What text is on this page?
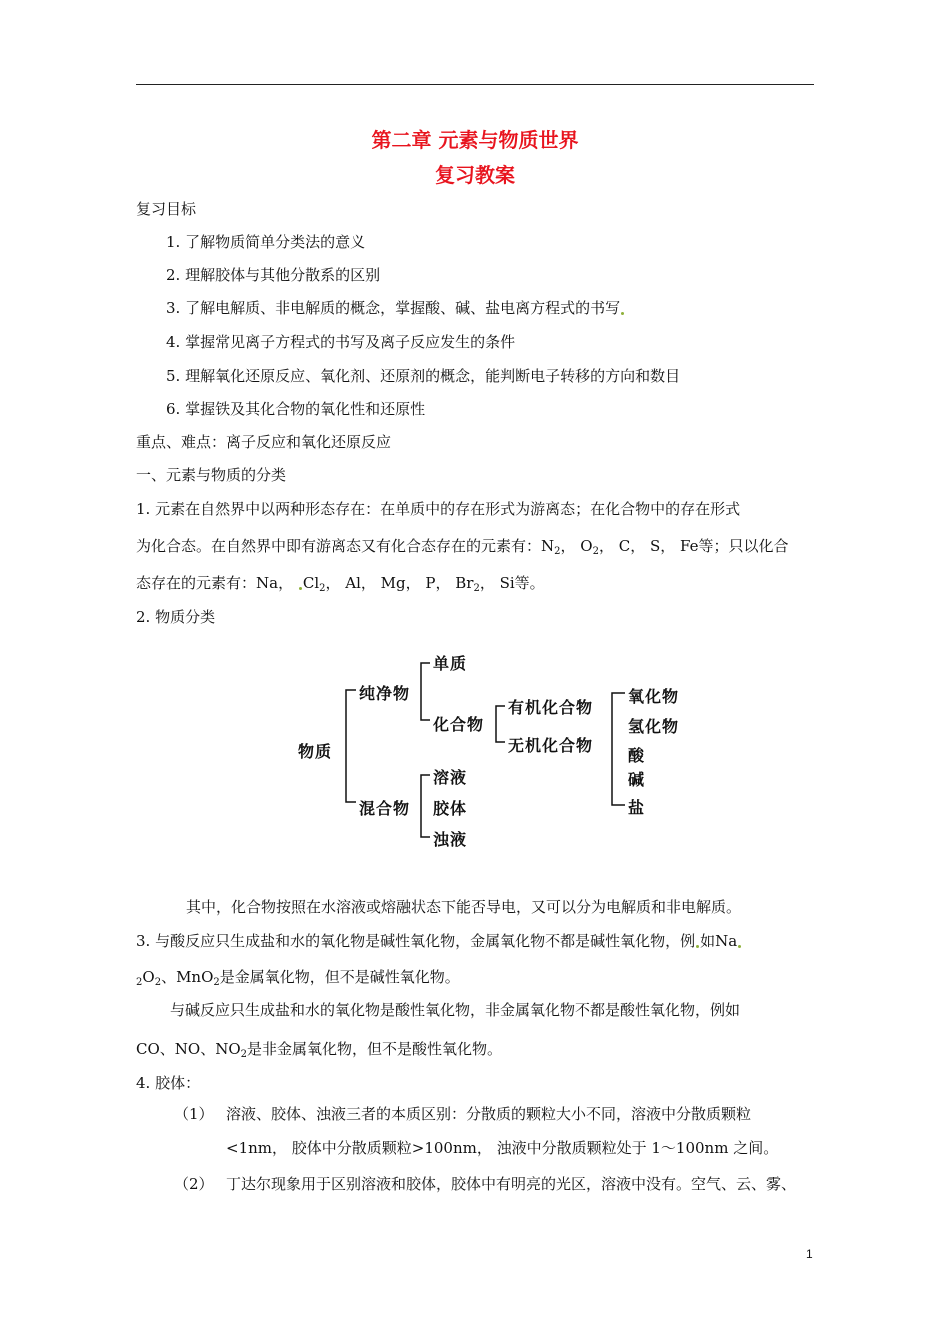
第二章 元素与物质世界
复习教案
复习目标
1. 了解物质简单分类法的意义
2. 理解胶体与其他分散系的区别
3. 了解电解质、非电解质的概念，掌握酸、碱、盐电离方程式的书写
4. 掌握常见离子方程式的书写及离子反应发生的条件
5. 理解氧化还原反应、氧化剂、还原剂的概念，能判断电子转移的方向和数目
6. 掌握铁及其化合物的氧化性和还原性
重点、难点：离子反应和氧化还原反应
一、元素与物质的分类
1. 元素在自然界中以两种形态存在：在单质中的存在形式为游离态；在化合物中的存在形式
为化合态。在自然界中即有游离态又有化合态存在的元素有：$N_2$， $O_2$， C， S， Fe等；只以化合
态存在的元素有：Na， $Cl_2$， Al， Mg， P， $Br_2$， Si等。
2. 物质分类
物质
纯净物
混合物
单质
化合物
有机化合物
无机化合物
氧化物
氢化物
酸
碱
盐
溶液
胶体
浊液
其中，化合物按照在水溶液或熔融状态下能否导电，又可以分为电解质和非电解质。
3. 与酸反应只生成盐和水的氧化物是碱性氧化物，金属氧化物不都是碱性氧化物，例 如Na
$_2O_2$、MnO$_2$是金属氧化物，但不是碱性氧化物。
与碱反应只生成盐和水的氧化物是酸性氧化物，非金属氧化物不都是酸性氧化物，例如
CO、NO、$NO_2$是非金属氧化物，但不是酸性氧化物。
4. 胶体：
（1） 溶液、胶体、浊液三者的本质区别：分散质的颗粒大小不同，溶液中分散质颗粒
<1nm， 胶体中分散质颗粒>100nm， 浊液中分散质颗粒处于 1～100nm 之间。
（2） 丁达尔现象用于区别溶液和胶体，胶体中有明亮的光区，溶液中没有。空气、云、雾、
1
